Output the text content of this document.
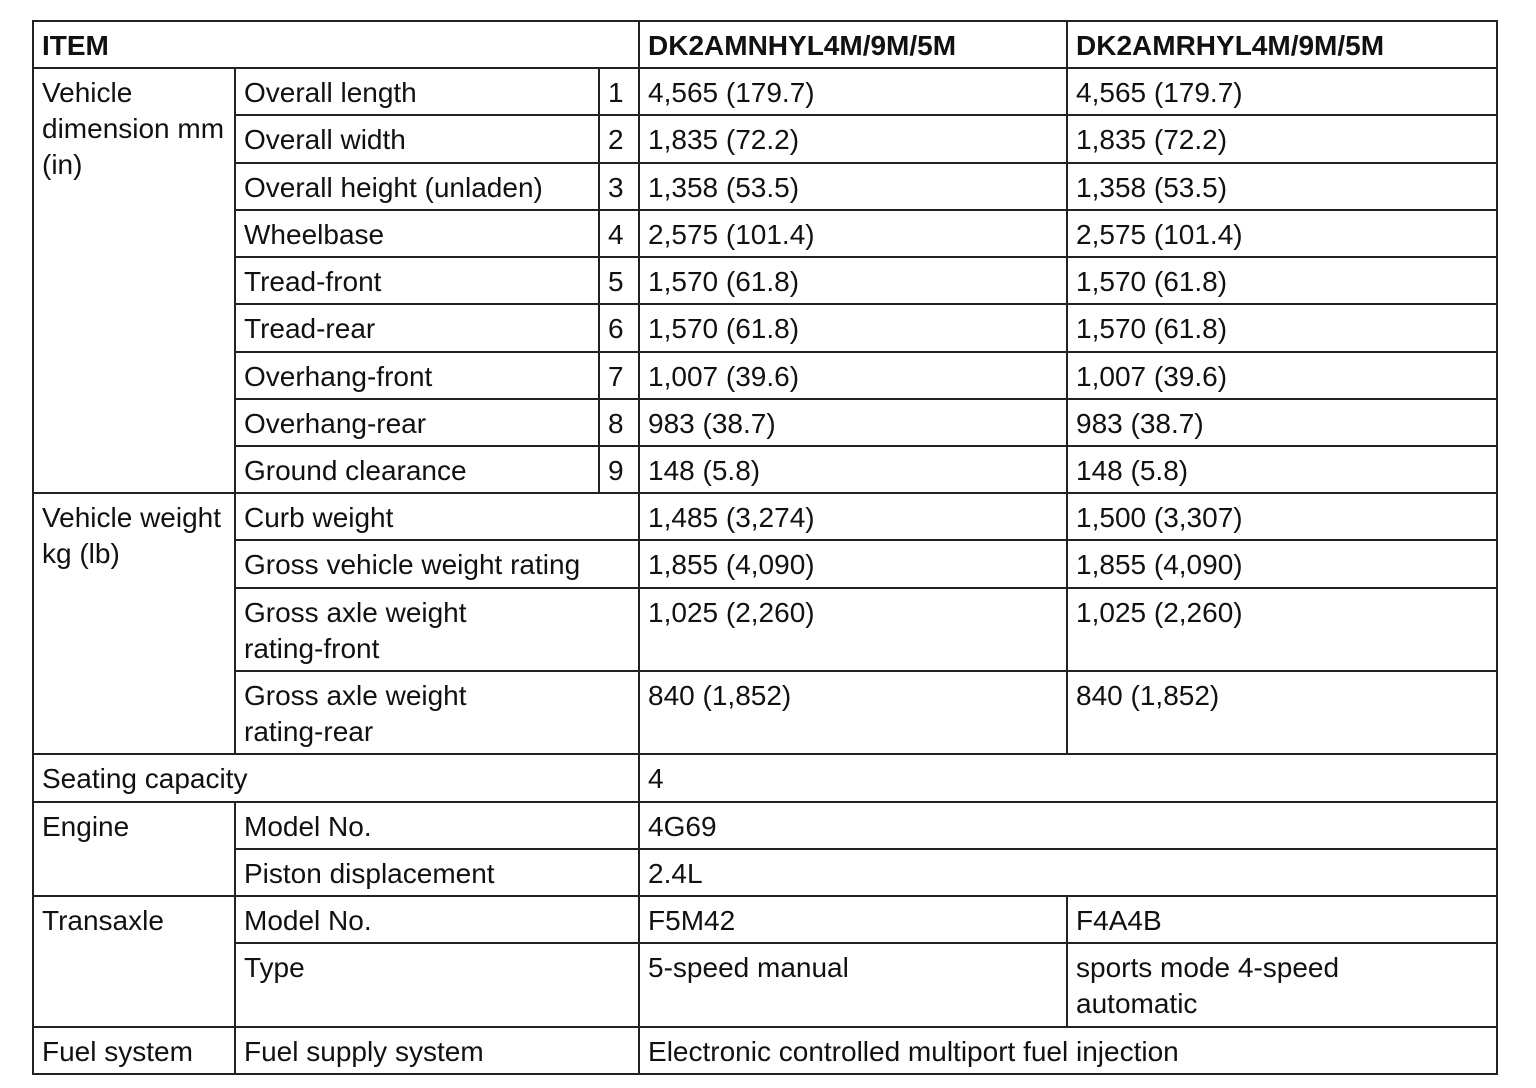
ITEM			DK2AMNHYL4M/9M/5M	DK2AMRHYL4M/9M/5M
Vehicle dimension mm (in)	Overall length	1	4,565 (179.7)	4,565 (179.7)
	Overall width	2	1,835 (72.2)	1,835 (72.2)
	Overall height (unladen)	3	1,358 (53.5)	1,358 (53.5)
	Wheelbase	4	2,575 (101.4)	2,575 (101.4)
	Tread-front	5	1,570 (61.8)	1,570 (61.8)
	Tread-rear	6	1,570 (61.8)	1,570 (61.8)
	Overhang-front	7	1,007 (39.6)	1,007 (39.6)
	Overhang-rear	8	983 (38.7)	983 (38.7)
	Ground clearance	9	148 (5.8)	148 (5.8)
Vehicle weight kg (lb)	Curb weight		1,485 (3,274)	1,500 (3,307)
	Gross vehicle weight rating		1,855 (4,090)	1,855 (4,090)
	Gross axle weight rating-front		1,025 (2,260)	1,025 (2,260)
	Gross axle weight rating-rear		840 (1,852)	840 (1,852)
Seating capacity			4	
Engine	Model No.		4G69	
	Piston displacement		2.4L	
Transaxle	Model No.		F5M42	F4A4B
	Type		5-speed manual	sports mode 4-speed automatic
Fuel system	Fuel supply system		Electronic controlled multiport fuel injection	
